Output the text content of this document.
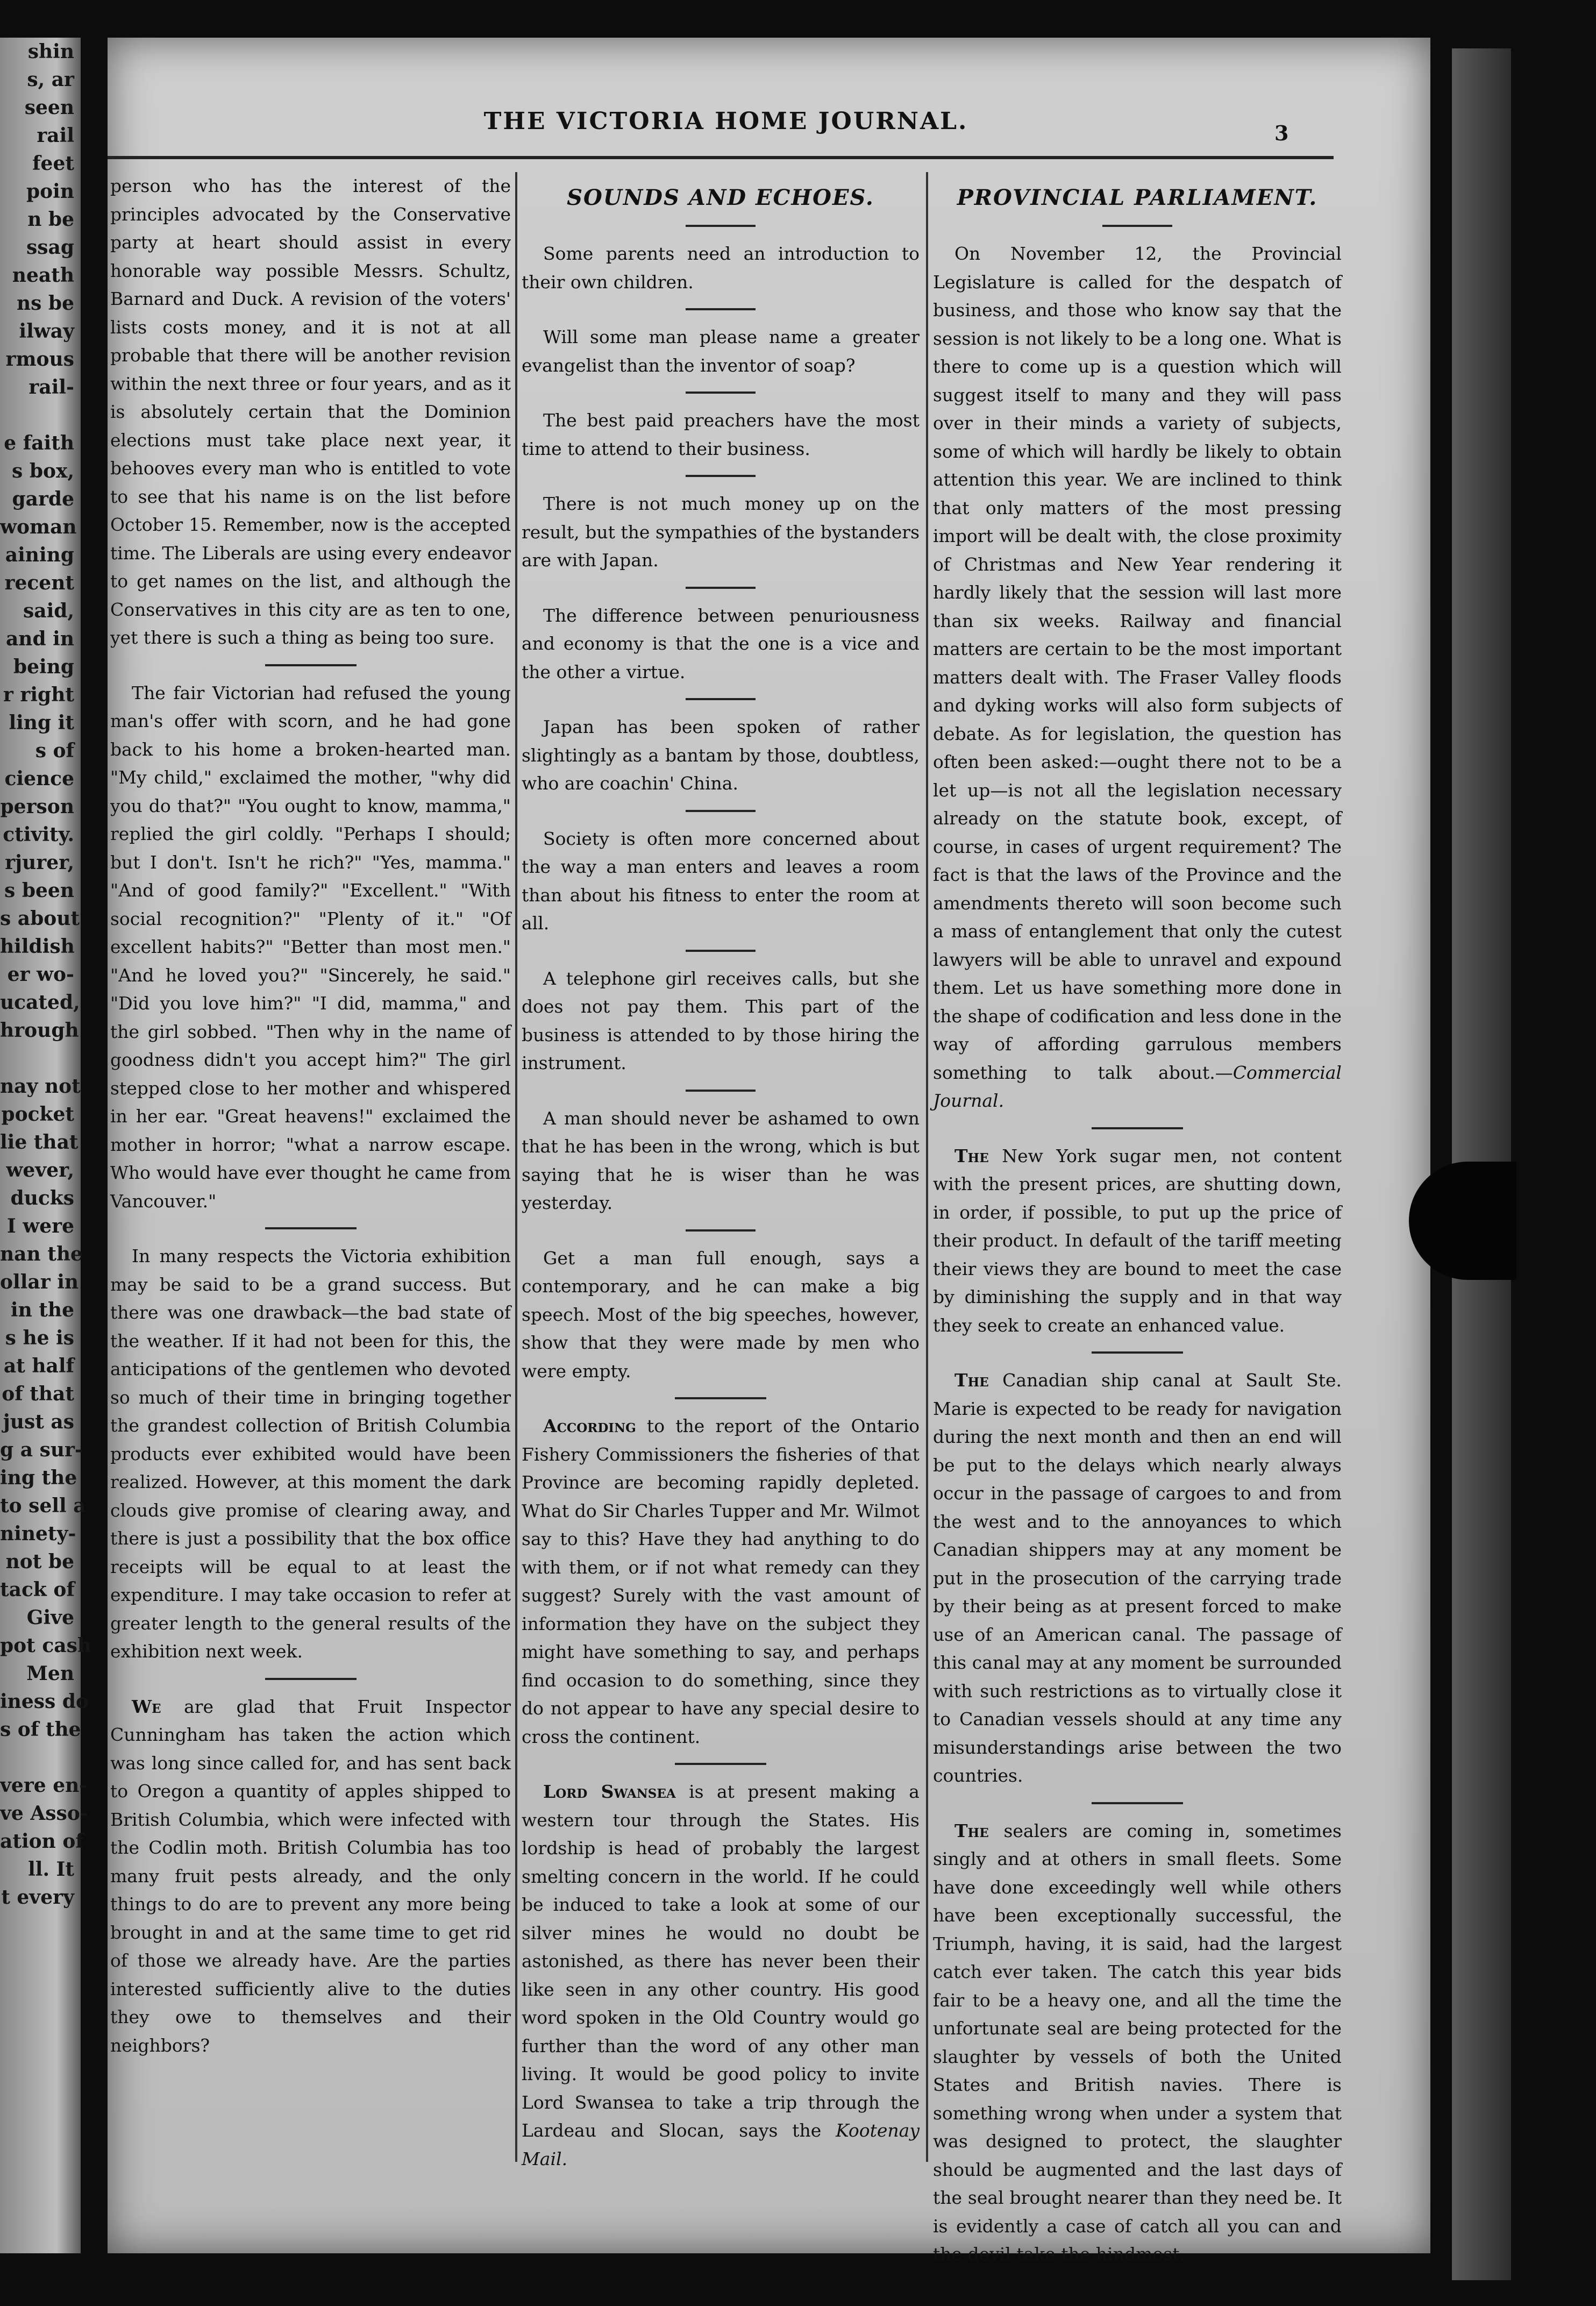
shin
s, ar
seen
rail
feet
poin
n be
ssag
neath
ns be
ilway
rmous
rail-

e faith
s box,
garde
woman
aining
recent
said,
and in
being
r right
ling it
s of
cience
person
ctivity.
rjurer,
s been
s about
hildish
er wo-
ucated,
hrough

nay not
pocket
lie that
wever,
ducks
I were
nan the
ollar in
in the
s he is
at half
of that
just as
g a sur-
ing the
to sell a
ninety-
not be
tack of
Give
pot cash
Men
iness do
s of the

vere en-
ve Asso-
ation of
ll. It
t every
THE VICTORIA HOME JOURNAL.	3

person who has the interest of the principles advocated by the Conservative party at heart should assist in every honorable way possible Messrs. Schultz, Barnard and Duck. A revision of the voters' lists costs money, and it is not at all probable that there will be another revision within the next three or four years, and as it is absolutely certain that the Dominion elections must take place next year, it behooves every man who is entitled to vote to see that his name is on the list before October 15. Remember, now is the accepted time. The Liberals are using every endeavor to get names on the list, and although the Conservatives in this city are as ten to one, yet there is such a thing as being too sure.

The fair Victorian had refused the young man's offer with scorn, and he had gone back to his home a broken-hearted man. "My child," exclaimed the mother, "why did you do that?" "You ought to know, mamma," replied the girl coldly. "Perhaps I should; but I don't. Isn't he rich?" "Yes, mamma." "And of good family?" "Excellent." "With social recognition?" "Plenty of it." "Of excellent habits?" "Better than most men." "And he loved you?" "Sincerely, he said." "Did you love him?" "I did, mamma," and the girl sobbed. "Then why in the name of goodness didn't you accept him?" The girl stepped close to her mother and whispered in her ear. "Great heavens!" exclaimed the mother in horror; "what a narrow escape. Who would have ever thought he came from Vancouver."

In many respects the Victoria exhibition may be said to be a grand success. But there was one drawback—the bad state of the weather. If it had not been for this, the anticipations of the gentlemen who devoted so much of their time in bringing together the grandest collection of British Columbia products ever exhibited would have been realized. However, at this moment the dark clouds give promise of clearing away, and there is just a possibility that the box office receipts will be equal to at least the expenditure. I may take occasion to refer at greater length to the general results of the exhibition next week.

We are glad that Fruit Inspector Cunningham has taken the action which was long since called for, and has sent back to Oregon a quantity of apples shipped to British Columbia, which were infected with the Codlin moth. British Columbia has too many fruit pests already, and the only things to do are to prevent any more being brought in and at the same time to get rid of those we already have. Are the parties interested sufficiently alive to the duties they owe to themselves and their neighbors?

SOUNDS AND ECHOES.

Some parents need an introduction to their own children.

Will some man please name a greater evangelist than the inventor of soap?

The best paid preachers have the most time to attend to their business.

There is not much money up on the result, but the sympathies of the bystanders are with Japan.

The difference between penuriousness and economy is that the one is a vice and the other a virtue.

Japan has been spoken of rather slightingly as a bantam by those, doubtless, who are coachin' China.

Society is often more concerned about the way a man enters and leaves a room than about his fitness to enter the room at all.

A telephone girl receives calls, but she does not pay them. This part of the business is attended to by those hiring the instrument.

A man should never be ashamed to own that he has been in the wrong, which is but saying that he is wiser than he was yesterday.

Get a man full enough, says a contemporary, and he can make a big speech. Most of the big speeches, however, show that they were made by men who were empty.

According to the report of the Ontario Fishery Commissioners the fisheries of that Province are becoming rapidly depleted. What do Sir Charles Tupper and Mr. Wilmot say to this? Have they had anything to do with them, or if not what remedy can they suggest? Surely with the vast amount of information they have on the subject they might have something to say, and perhaps find occasion to do something, since they do not appear to have any special desire to cross the continent.

Lord Swansea is at present making a western tour through the States. His lordship is head of probably the largest smelting concern in the world. If he could be induced to take a look at some of our silver mines he would no doubt be astonished, as there has never been their like seen in any other country. His good word spoken in the Old Country would go further than the word of any other man living. It would be good policy to invite Lord Swansea to take a trip through the Lardeau and Slocan, says the Kootenay Mail.

PROVINCIAL PARLIAMENT.

On November 12, the Provincial Legislature is called for the despatch of business, and those who know say that the session is not likely to be a long one. What is there to come up is a question which will suggest itself to many and they will pass over in their minds a variety of subjects, some of which will hardly be likely to obtain attention this year. We are inclined to think that only matters of the most pressing import will be dealt with, the close proximity of Christmas and New Year rendering it hardly likely that the session will last more than six weeks. Railway and financial matters are certain to be the most important matters dealt with. The Fraser Valley floods and dyking works will also form subjects of debate. As for legislation, the question has often been asked:—ought there not to be a let up—is not all the legislation necessary already on the statute book, except, of course, in cases of urgent requirement? The fact is that the laws of the Province and the amendments thereto will soon become such a mass of entanglement that only the cutest lawyers will be able to unravel and expound them. Let us have something more done in the shape of codification and less done in the way of affording garrulous members something to talk about.—Commercial Journal.

The New York sugar men, not content with the present prices, are shutting down, in order, if possible, to put up the price of their product. In default of the tariff meeting their views they are bound to meet the case by diminishing the supply and in that way they seek to create an enhanced value.

The Canadian ship canal at Sault Ste. Marie is expected to be ready for navigation during the next month and then an end will be put to the delays which nearly always occur in the passage of cargoes to and from the west and to the annoyances to which Canadian shippers may at any moment be put in the prosecution of the carrying trade by their being as at present forced to make use of an American canal. The passage of this canal may at any moment be surrounded with such restrictions as to virtually close it to Canadian vessels should at any time any misunderstandings arise between the two countries.

The sealers are coming in, sometimes singly and at others in small fleets. Some have done exceedingly well while others have been exceptionally successful, the Triumph, having, it is said, had the largest catch ever taken. The catch this year bids fair to be a heavy one, and all the time the unfortunate seal are being protected for the slaughter by vessels of both the United States and British navies. There is something wrong when under a system that was designed to protect, the slaughter should be augmented and the last days of the seal brought nearer than they need be. It is evidently a case of catch all you can and the devil take the hindmost.
